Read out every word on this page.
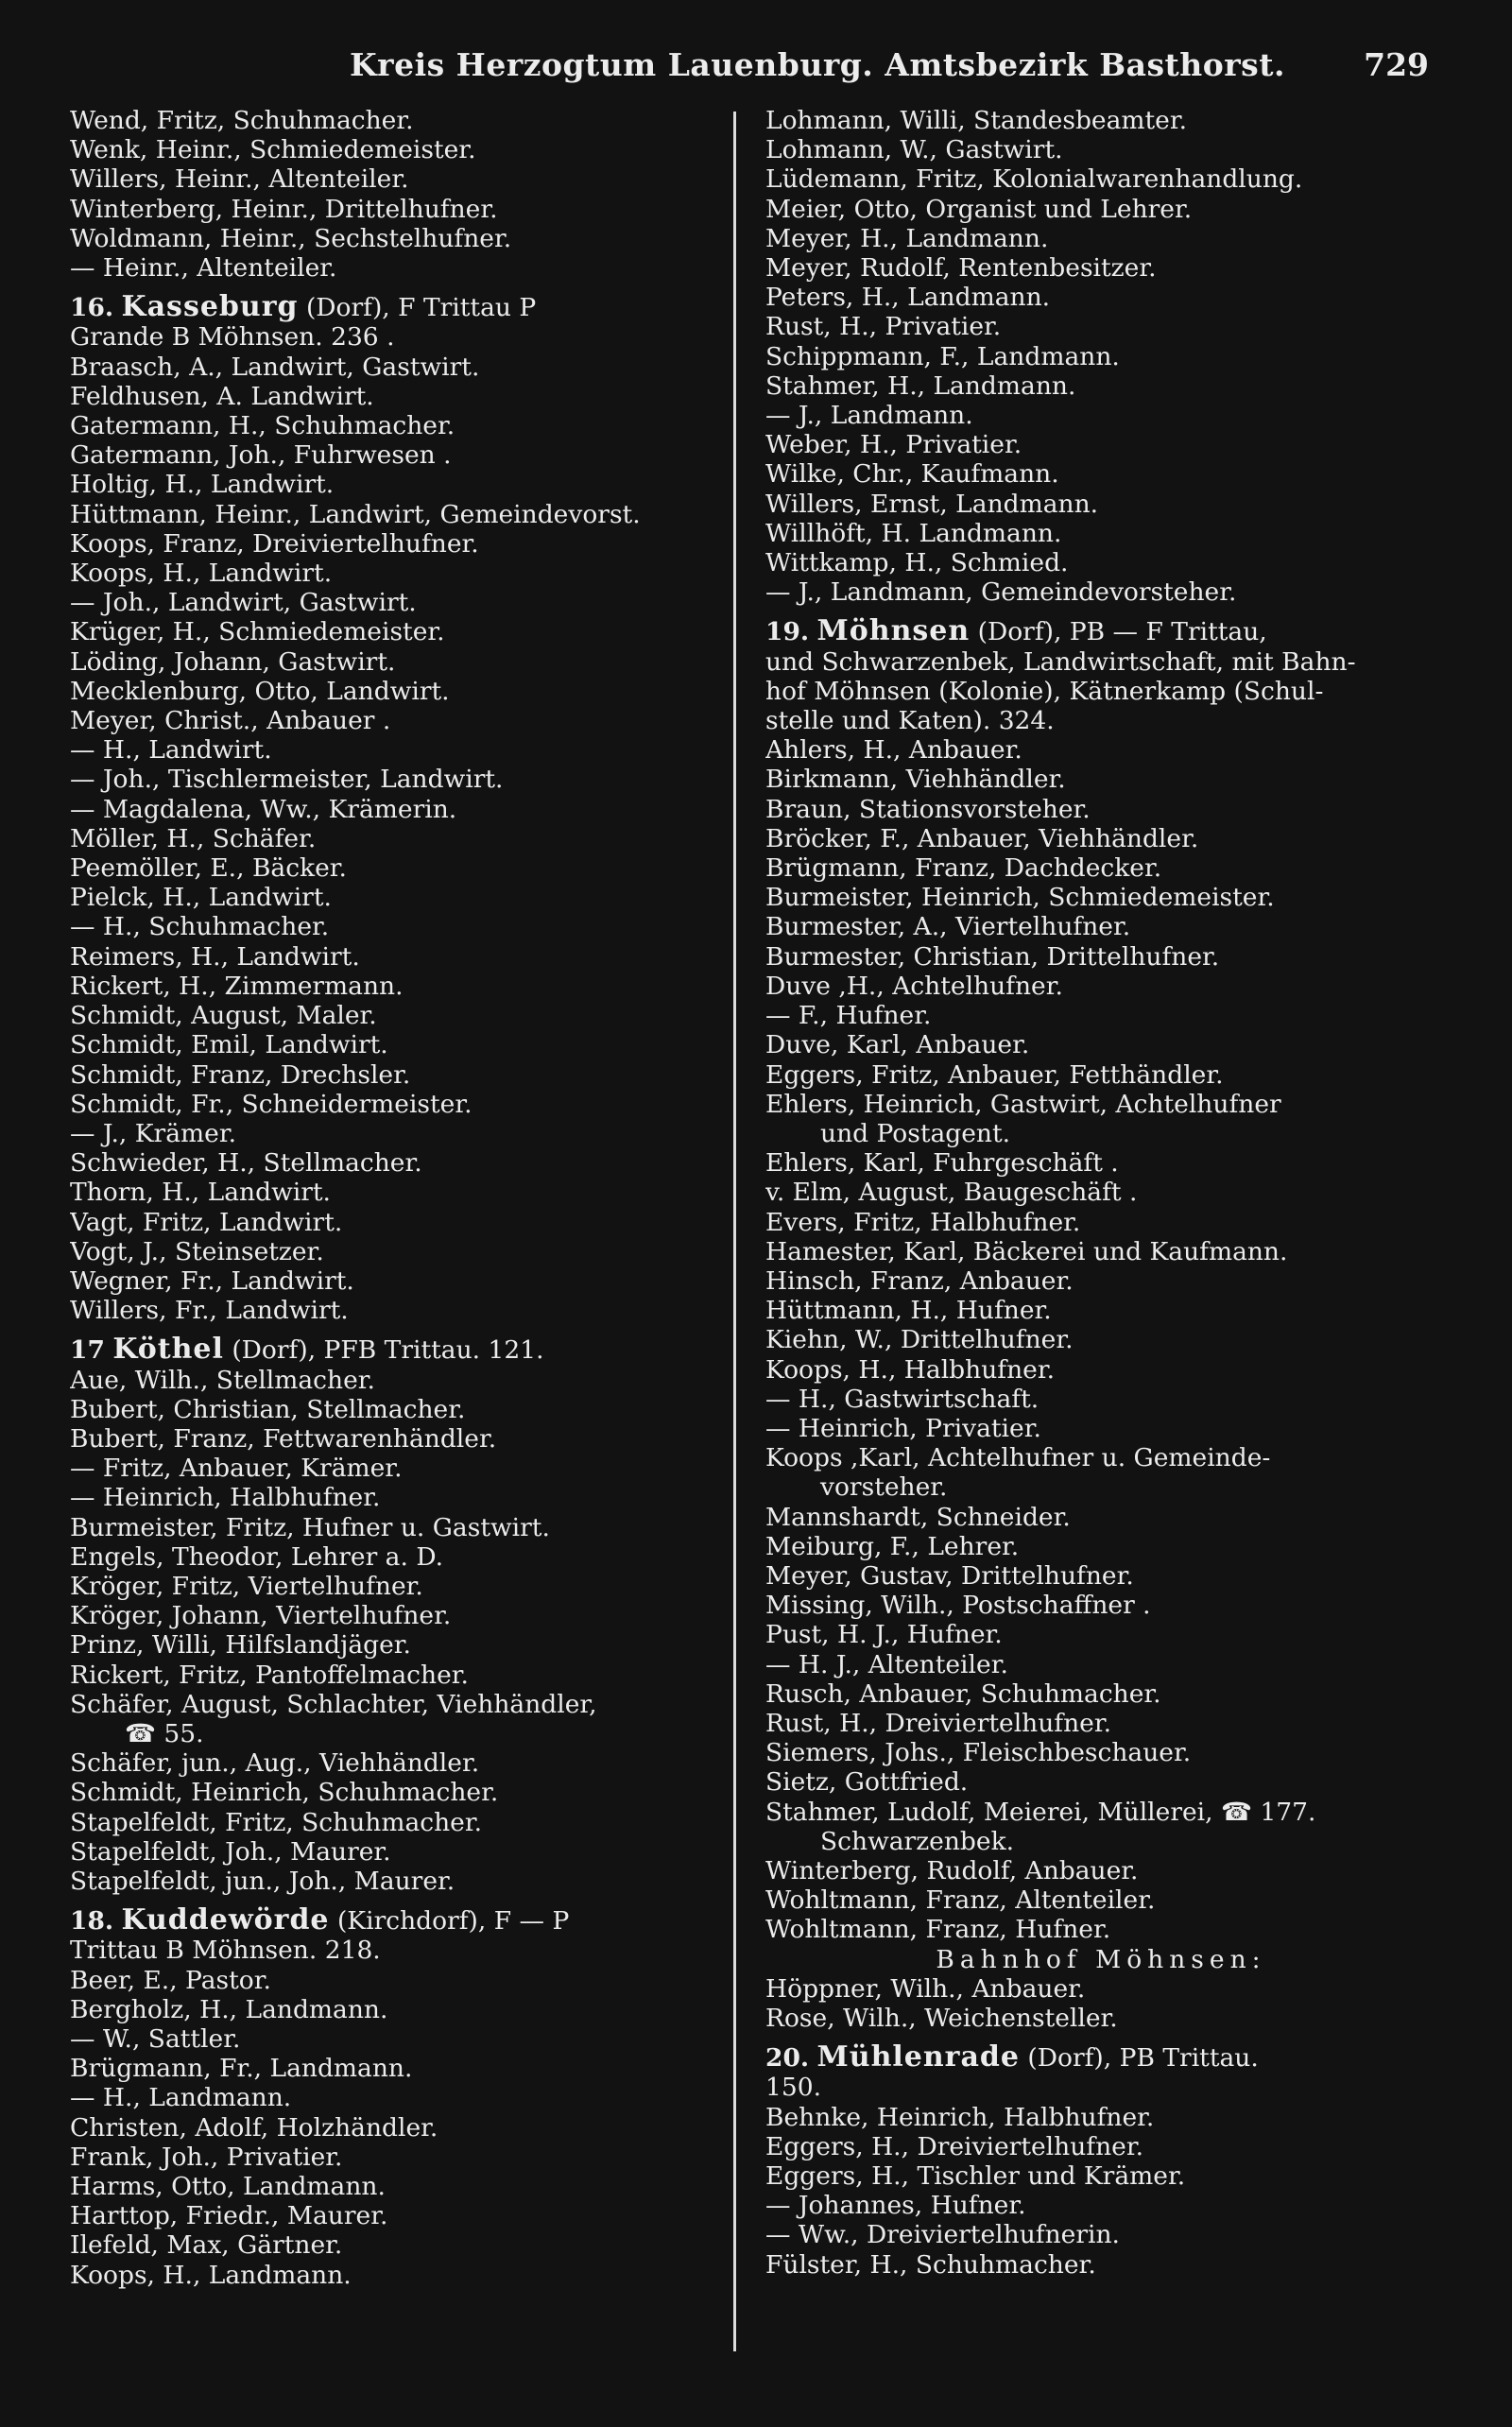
Kreis Herzogtum Lauenburg. Amtsbezirk Basthorst.	729
Wend, Fritz, Schuhmacher.
Wenk, Heinr., Schmiedemeister.
Willers, Heinr., Altenteiler.
Winterberg, Heinr., Drittelhufner.
Woldmann, Heinr., Sechstelhufner.
— Heinr., Altenteiler.
16. Kasseburg (Dorf), F Trittau P
Grande B Möhnsen. 236 .
Braasch, A., Landwirt, Gastwirt.
Feldhusen, A. Landwirt.
Gatermann, H., Schuhmacher.
Gatermann, Joh., Fuhrwesen .
Holtig, H., Landwirt.
Hüttmann, Heinr., Landwirt, Gemeindevorst.
Koops, Franz, Dreiviertelhufner.
Koops, H., Landwirt.
— Joh., Landwirt, Gastwirt.
Krüger, H., Schmiedemeister.
Löding, Johann, Gastwirt.
Mecklenburg, Otto, Landwirt.
Meyer, Christ., Anbauer .
— H., Landwirt.
— Joh., Tischlermeister, Landwirt.
— Magdalena, Ww., Krämerin.
Möller, H., Schäfer.
Peemöller, E., Bäcker.
Pielck, H., Landwirt.
— H., Schuhmacher.
Reimers, H., Landwirt.
Rickert, H., Zimmermann.
Schmidt, August, Maler.
Schmidt, Emil, Landwirt.
Schmidt, Franz, Drechsler.
Schmidt, Fr., Schneidermeister.
— J., Krämer.
Schwieder, H., Stellmacher.
Thorn, H., Landwirt.
Vagt, Fritz, Landwirt.
Vogt, J., Steinsetzer.
Wegner, Fr., Landwirt.
Willers, Fr., Landwirt.
17 Köthel (Dorf), PFB Trittau. 121.
Aue, Wilh., Stellmacher.
Bubert, Christian, Stellmacher.
Bubert, Franz, Fettwarenhändler.
— Fritz, Anbauer, Krämer.
— Heinrich, Halbhufner.
Burmeister, Fritz, Hufner u. Gastwirt.
Engels, Theodor, Lehrer a. D.
Kröger, Fritz, Viertelhufner.
Kröger, Johann, Viertelhufner.
Prinz, Willi, Hilfslandjäger.
Rickert, Fritz, Pantoffelmacher.
Schäfer, August, Schlachter, Viehhändler,
☎ 55.
Schäfer, jun., Aug., Viehhändler.
Schmidt, Heinrich, Schuhmacher.
Stapelfeldt, Fritz, Schuhmacher.
Stapelfeldt, Joh., Maurer.
Stapelfeldt, jun., Joh., Maurer.
18. Kuddewörde (Kirchdorf), F — P
Trittau B Möhnsen. 218.
Beer, E., Pastor.
Bergholz, H., Landmann.
— W., Sattler.
Brügmann, Fr., Landmann.
— H., Landmann.
Christen, Adolf, Holzhändler.
Frank, Joh., Privatier.
Harms, Otto, Landmann.
Harttop, Friedr., Maurer.
Ilefeld, Max, Gärtner.
Koops, H., Landmann.
Lohmann, Willi, Standesbeamter.
Lohmann, W., Gastwirt.
Lüdemann, Fritz, Kolonialwarenhandlung.
Meier, Otto, Organist und Lehrer.
Meyer, H., Landmann.
Meyer, Rudolf, Rentenbesitzer.
Peters, H., Landmann.
Rust, H., Privatier.
Schippmann, F., Landmann.
Stahmer, H., Landmann.
— J., Landmann.
Weber, H., Privatier.
Wilke, Chr., Kaufmann.
Willers, Ernst, Landmann.
Willhöft, H. Landmann.
Wittkamp, H., Schmied.
— J., Landmann, Gemeindevorsteher.
19. Möhnsen (Dorf), PB — F Trittau,
und Schwarzenbek, Landwirtschaft, mit Bahn-
hof Möhnsen (Kolonie), Kätnerkamp (Schul-
stelle und Katen). 324.
Ahlers, H., Anbauer.
Birkmann, Viehhändler.
Braun, Stationsvorsteher.
Bröcker, F., Anbauer, Viehhändler.
Brügmann, Franz, Dachdecker.
Burmeister, Heinrich, Schmiedemeister.
Burmester, A., Viertelhufner.
Burmester, Christian, Drittelhufner.
Duve ,H., Achtelhufner.
— F., Hufner.
Duve, Karl, Anbauer.
Eggers, Fritz, Anbauer, Fetthändler.
Ehlers, Heinrich, Gastwirt, Achtelhufner
und Postagent.
Ehlers, Karl, Fuhrgeschäft .
v. Elm, August, Baugeschäft .
Evers, Fritz, Halbhufner.
Hamester, Karl, Bäckerei und Kaufmann.
Hinsch, Franz, Anbauer.
Hüttmann, H., Hufner.
Kiehn, W., Drittelhufner.
Koops, H., Halbhufner.
— H., Gastwirtschaft.
— Heinrich, Privatier.
Koops ,Karl, Achtelhufner u. Gemeinde-
vorsteher.
Mannshardt, Schneider.
Meiburg, F., Lehrer.
Meyer, Gustav, Drittelhufner.
Missing, Wilh., Postschaffner .
Pust, H. J., Hufner.
— H. J., Altenteiler.
Rusch, Anbauer, Schuhmacher.
Rust, H., Dreiviertelhufner.
Siemers, Johs., Fleischbeschauer.
Sietz, Gottfried.
Stahmer, Ludolf, Meierei, Müllerei, ☎ 177.
Schwarzenbek.
Winterberg, Rudolf, Anbauer.
Wohltmann, Franz, Altenteiler.
Wohltmann, Franz, Hufner.
Bahnhof Möhnsen:
Höppner, Wilh., Anbauer.
Rose, Wilh., Weichensteller.
20. Mühlenrade (Dorf), PB Trittau.
150.
Behnke, Heinrich, Halbhufner.
Eggers, H., Dreiviertelhufner.
Eggers, H., Tischler und Krämer.
— Johannes, Hufner.
— Ww., Dreiviertelhufnerin.
Fülster, H., Schuhmacher.
